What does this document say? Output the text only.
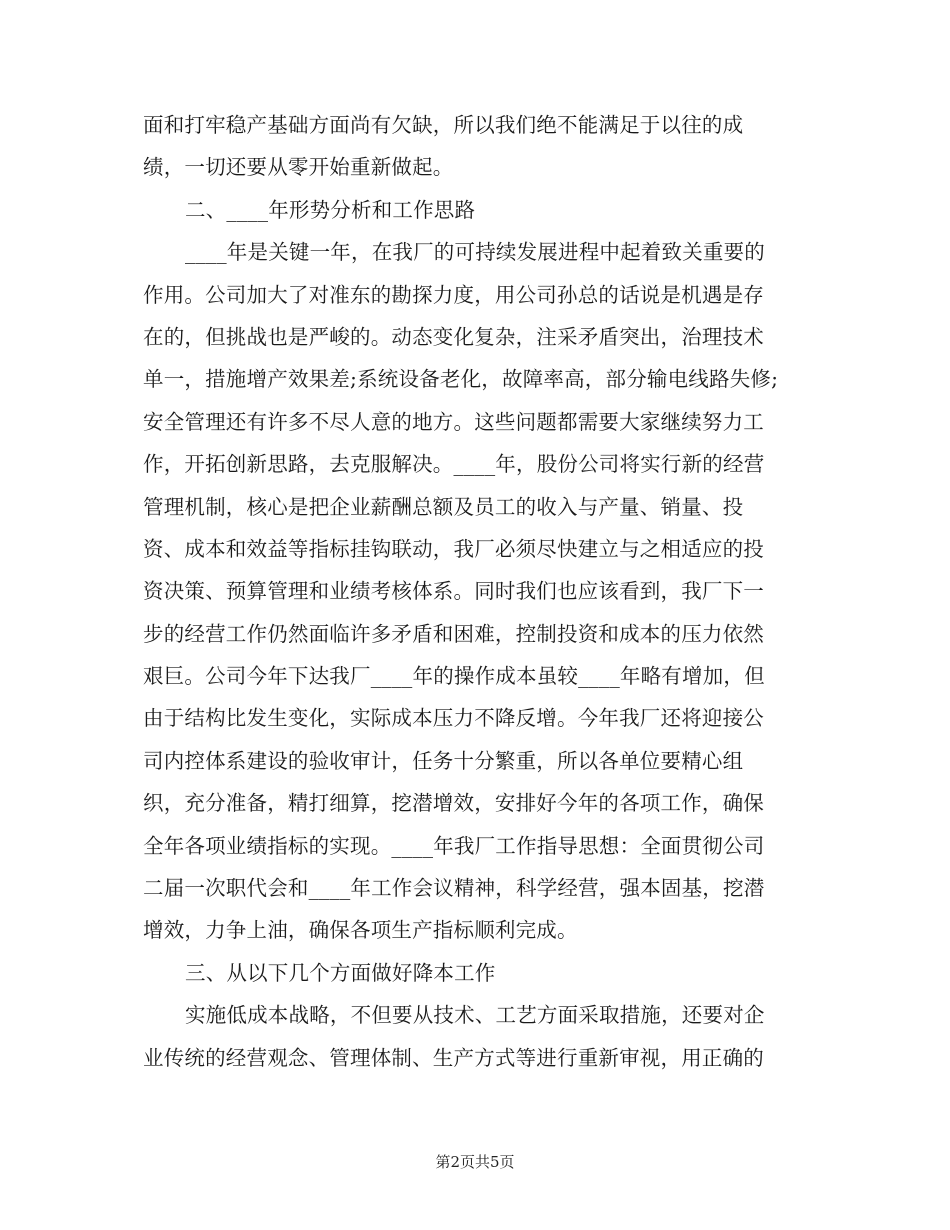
面和打牢稳产基础方面尚有欠缺，所以我们绝不能满足于以往的成
绩，一切还要从零开始重新做起。
二、____年形势分析和工作思路
____年是关键一年，在我厂的可持续发展进程中起着致关重要的
作用。公司加大了对准东的勘探力度，用公司孙总的话说是机遇是存
在的，但挑战也是严峻的。动态变化复杂，注采矛盾突出，治理技术
单一，措施增产效果差;系统设备老化，故障率高，部分输电线路失修;
安全管理还有许多不尽人意的地方。这些问题都需要大家继续努力工
作，开拓创新思路，去克服解决。____年，股份公司将实行新的经营
管理机制，核心是把企业薪酬总额及员工的收入与产量、销量、投
资、成本和效益等指标挂钩联动，我厂必须尽快建立与之相适应的投
资决策、预算管理和业绩考核体系。同时我们也应该看到，我厂下一
步的经营工作仍然面临许多矛盾和困难，控制投资和成本的压力依然
艰巨。公司今年下达我厂____年的操作成本虽较____年略有增加，但
由于结构比发生变化，实际成本压力不降反增。今年我厂还将迎接公
司内控体系建设的验收审计，任务十分繁重，所以各单位要精心组
织，充分准备，精打细算，挖潜增效，安排好今年的各项工作，确保
全年各项业绩指标的实现。____年我厂工作指导思想：全面贯彻公司
二届一次职代会和____年工作会议精神，科学经营，强本固基，挖潜
增效，力争上油，确保各项生产指标顺利完成。
三、从以下几个方面做好降本工作
实施低成本战略，不但要从技术、工艺方面采取措施，还要对企
业传统的经营观念、管理体制、生产方式等进行重新审视，用正确的
第2页共5页
